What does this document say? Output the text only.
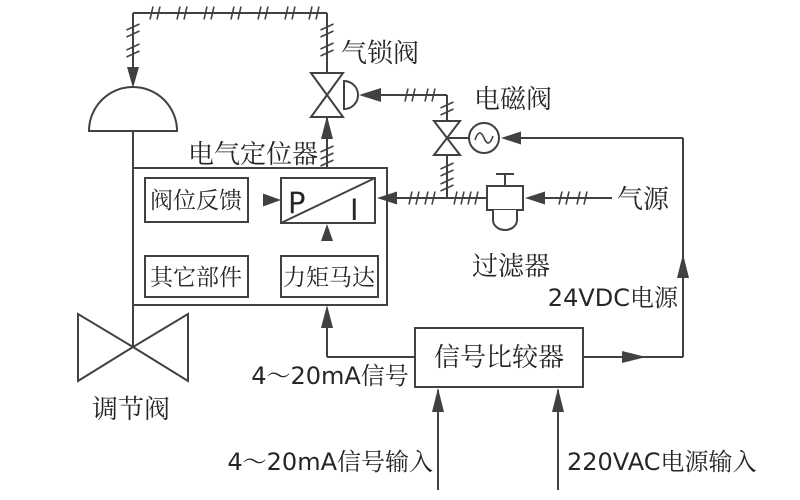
气锁阀
电磁阀
电气定位器
阀位反馈 P I
其它部件 力矩马达	过滤器
气源
24VDC电源
信号比较器
4～20mA信号
4～20mA信号输入	220VAC电源输入
调节阀
